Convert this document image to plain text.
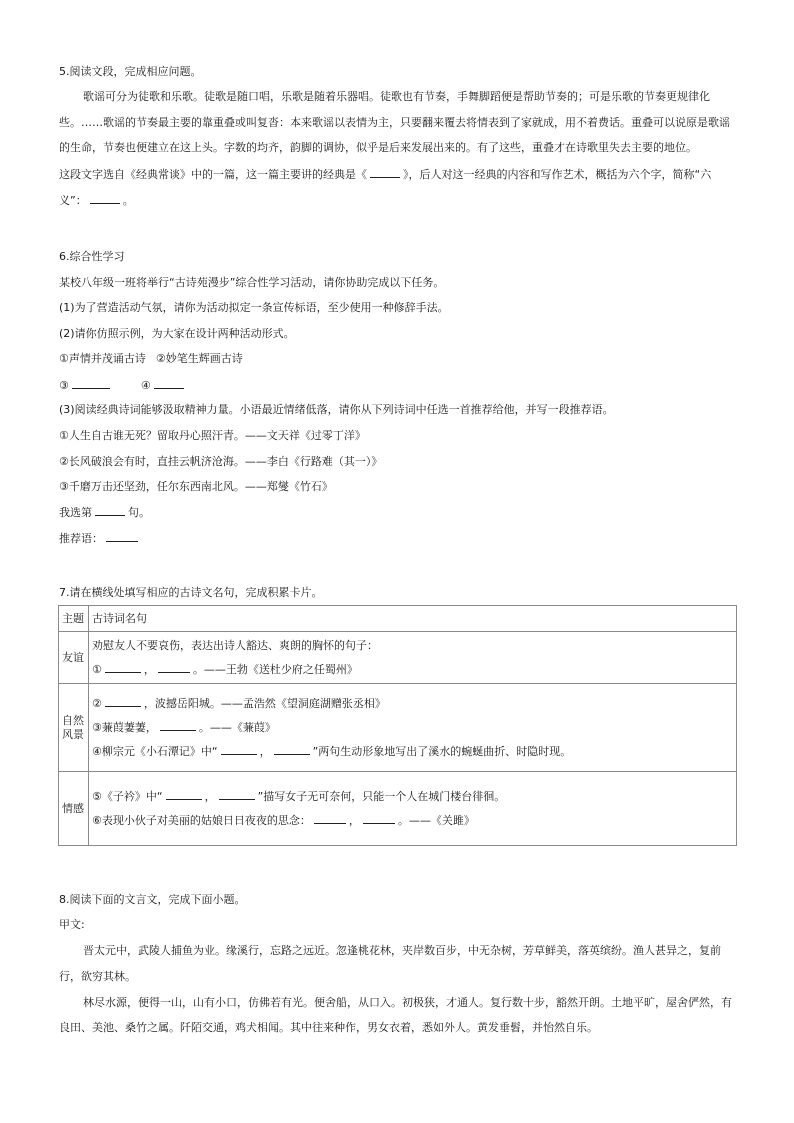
5.阅读文段，完成相应问题。
歌谣可分为徒歌和乐歌。徒歌是随口唱，乐歌是随着乐器唱。徒歌也有节奏，手舞脚蹈便是帮助节奏的；可是乐歌的节奏更规律化
些。……歌谣的节奏最主要的靠重叠或叫复沓：本来歌谣以表情为主，只要翻来覆去将情表到了家就成，用不着费话。重叠可以说原是歌谣
的生命，节奏也便建立在这上头。字数的均齐，韵脚的调协，似乎是后来发展出来的。有了这些，重叠才在诗歌里失去主要的地位。
这段文字选自《经典常谈》中的一篇，这一篇主要讲的经典是《	》，后人对这一经典的内容和写作艺术，概括为六个字，简称“六
义”：	。
6.综合性学习
某校八年级一班将举行“古诗苑漫步”综合性学习活动，请你协助完成以下任务。
(1)为了营造活动气氛，请你为活动拟定一条宣传标语，至少使用一种修辞手法。
(2)请你仿照示例，为大家在设计两种活动形式。
①声情并茂诵古诗 ②妙笔生辉画古诗
③	④
(3)阅读经典诗词能够汲取精神力量。小语最近情绪低落，请你从下列诗词中任选一首推荐给他，并写一段推荐语。
①人生自古谁无死？留取丹心照汗青。——文天祥《过零丁洋》
②长风破浪会有时，直挂云帆济沧海。——李白《行路难（其一）》
③千磨万击还坚劲，任尔东西南北风。——郑燮《竹石》
我选第	句。
推荐语：
7.请在横线处填写相应的古诗文名句，完成积累卡片。
主题	古诗词名句
友谊	劝慰友人不要哀伤，表达出诗人豁达、爽朗的胸怀的句子：
① ， 。——王勃《送杜少府之任蜀州》

自然风景	② ，波撼岳阳城。——孟浩然《望洞庭湖赠张丞相》
③蒹葭萋萋， 。——《蒹葭》
④柳宗元《小石潭记》中“ ， ”两句生动形象地写出了溪水的蜿蜒曲折、时隐时现。

情感	⑤《子衿》中“ ， ”描写女子无可奈何，只能一个人在城门楼台徘徊。
⑥表现小伙子对美丽的姑娘日日夜夜的思念： ， 。——《关雎》
8.阅读下面的文言文，完成下面小题。
甲文:
晋太元中，武陵人捕鱼为业。缘溪行，忘路之远近。忽逢桃花林，夹岸数百步，中无杂树，芳草鲜美，落英缤纷。渔人甚异之，复前
行，欲穷其林。
林尽水源，便得一山，山有小口，仿佛若有光。便舍船，从口入。初极狭，才通人。复行数十步，豁然开朗。土地平旷，屋舍俨然，有
良田、美池、桑竹之属。阡陌交通，鸡犬相闻。其中往来种作，男女衣着，悉如外人。黄发垂髫，并怡然自乐。
